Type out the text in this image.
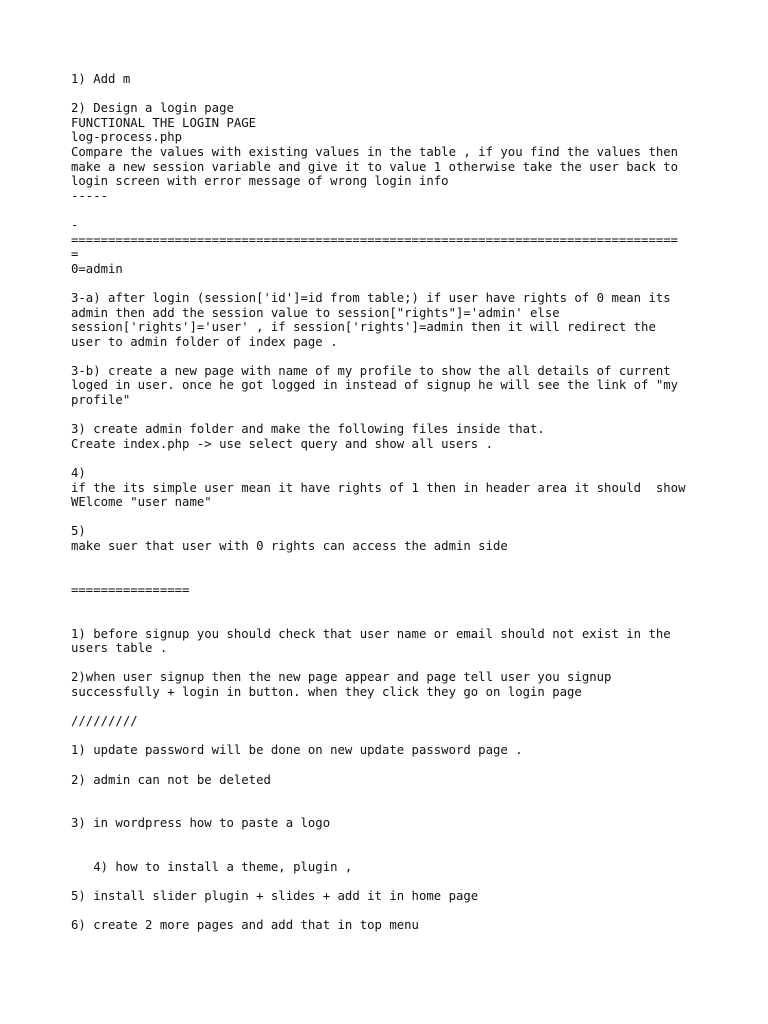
1) Add m
2) Design a login page
FUNCTIONAL THE LOGIN PAGE
log-process.php
Compare the values with existing values in the table , if you find the values then
make a new session variable and give it to value 1 otherwise take the user back to
login screen with error message of wrong login info
-----
-
==================================================================================
=
0=admin
3-a) after login (session['id']=id from table;) if user have rights of 0 mean its
admin then add the session value to session["rights"]='admin' else
session['rights']='user' , if session['rights']=admin then it will redirect the
user to admin folder of index page .
3-b) create a new page with name of my profile to show the all details of current
loged in user. once he got logged in instead of signup he will see the link of "my
profile"
3) create admin folder and make the following files inside that.
Create index.php -> use select query and show all users .
4)
if the its simple user mean it have rights of 1 then in header area it should  show
WElcome "user name"
5)
make suer that user with 0 rights can access the admin side
================
1) before signup you should check that user name or email should not exist in the
users table .
2)when user signup then the new page appear and page tell user you signup
successfully + login in button. when they click they go on login page
/////////
1) update password will be done on new update password page .
2) admin can not be deleted
3) in wordpress how to paste a logo
4) how to install a theme, plugin ,
5) install slider plugin + slides + add it in home page
6) create 2 more pages and add that in top menu
